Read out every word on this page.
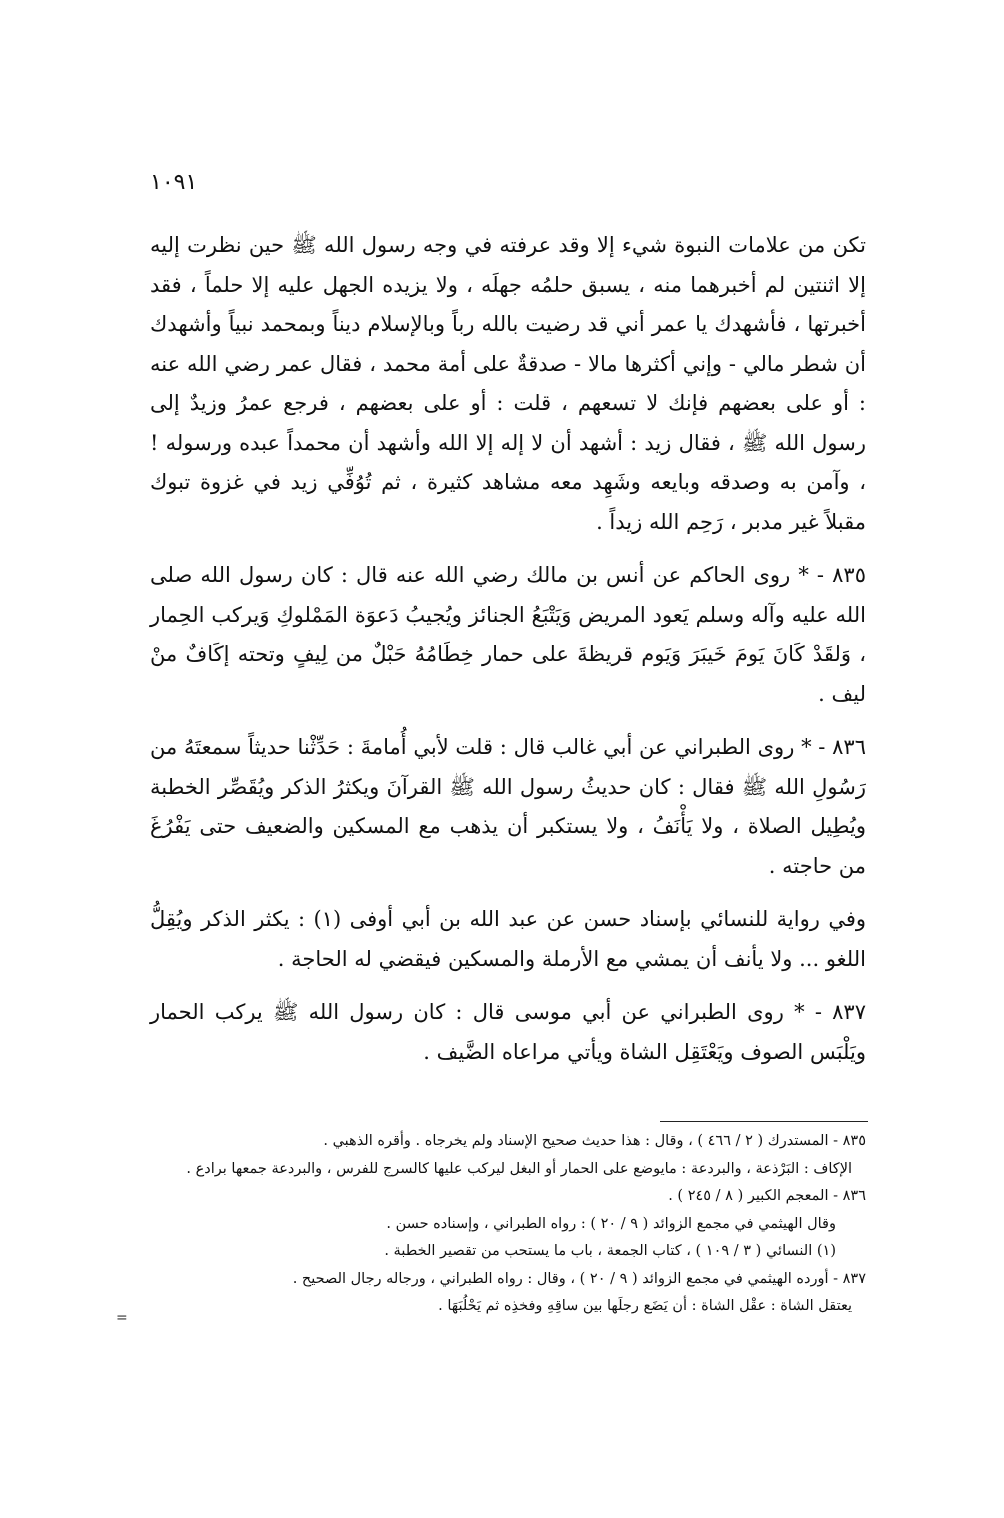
١٠٩١

تكن من علامات النبوة شيء إلا وقد عرفته في وجه رسول الله ﷺ حين نظرت إليه إلا اثنتين لم أخبرهما منه ، يسبق حلمُه جهلَه ، ولا يزيده الجهل عليه إلا حلماً ، فقد أخبرتها ، فأشهدك يا عمر أني قد رضيت بالله رباً وبالإسلام ديناً وبمحمد نبياً وأشهدك أن شطر مالي - وإني أكثرها مالا - صدقةٌ على أمة محمد ، فقال عمر رضي الله عنه : أو على بعضهم فإنك لا تسعهم ، قلت : أو على بعضهم ، فرجع عمرُ وزيدٌ إلى رسول الله ﷺ ، فقال زيد : أشهد أن لا إله إلا الله وأشهد أن محمداً عبده ورسوله ! ، وآمن به وصدقه وبايعه وشَهِد معه مشاهد كثيرة ، ثم تُوُفِّي زيد في غزوة تبوك مقبلاً غير مدبر ، رَحِم الله زيداً .

٨٣٥ - * روى الحاكم عن أنس بن مالك رضي الله عنه قال : كان رسول الله صلى الله عليه وآله وسلم يَعود المريض وَيَتْبَعُ الجنائز ويُجيبُ دَعوَة المَمْلوكِ وَيركب الحِمار ، وَلقَدْ كَانَ يَومَ خَيبَرَ وَيَوم قريظةَ على حمار خِطَامُهُ حَبْلٌ من لِيفٍ وتحته إكَافٌ منْ ليف .

٨٣٦ - * روى الطبراني عن أبي غالب قال : قلت لأبي أُمامةَ : حَدِّثْنا حديثاً سمعتَهُ من رَسُولِ الله ﷺ فقال : كان حديثُ رسول الله ﷺ القرآنَ ويكثرُ الذكر ويُقَصِّر الخطبة ويُطِيل الصلاة ، ولا يَأْنَفُ ، ولا يستكبر أن يذهب مع المسكين والضعيف حتى يَفْرُغَ من حاجته .

وفي رواية للنسائي بإسناد حسن عن عبد الله بن أبي أوفى (١) : يكثر الذكر ويُقِلُّ اللغو ... ولا يأنف أن يمشي مع الأرملة والمسكين فيقضي له الحاجة .

٨٣٧ - * روى الطبراني عن أبي موسى قال : كان رسول الله ﷺ يركب الحمار ويَلْبَس الصوف ويَعْتَقِل الشاة ويأتي مراعاه الضَّيف .

٨٣٥ - المستدرك ( ٢ / ٤٦٦ ) ، وقال : هذا حديث صحيح الإسناد ولم يخرجاه . وأقره الذهبي .
الإكاف : البَرْذعة ، والبردعة : مايوضع على الحمار أو البغل ليركب عليها كالسرج للفرس ، والبردعة جمعها برادع .
٨٣٦ - المعجم الكبير ( ٨ / ٢٤٥ ) .
وقال الهيثمي في مجمع الزوائد ( ٩ / ٢٠ ) : رواه الطبراني ، وإسناده حسن .
(١) النسائي ( ٣ / ١٠٩ ) ، كتاب الجمعة ، باب ما يستحب من تقصير الخطبة .
٨٣٧ - أورده الهيثمي في مجمع الزوائد ( ٩ / ٢٠ ) ، وقال : رواه الطبراني ، ورجاله رجال الصحيح .
يعتقل الشاة : عقْل الشاة : أن يَضَع رجلَها بين ساقِهِ وفخذِه ثم يَحْلُبَهَا .
=
